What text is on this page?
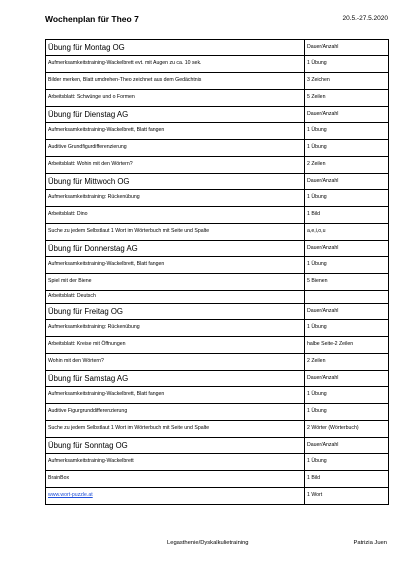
Wochenplan für Theo 7	20.5.-27.5.2020
Übung für Montag OG	Dauer/Anzahl
Aufmerksamkeitstraining-Wackelbrett evt. mit Augen zu ca. 10 sek.	1 Übung
Bilder merken, Blatt umdrehen-Theo zeichnet aus dem Gedächtnis	3 Zeichen
Arbeitsblatt: Schwünge und o Formen	5 Zeilen
Übung für Dienstag AG	Dauer/Anzahl
Aufmerksamkeitstraining-Wackelbrett, Blatt fangen	1 Übung
Auditive Grundfigurdifferenzierung	1 Übung
Arbeitsblatt: Wohin mit den Wörtern?	2 Zeilen
Übung für Mittwoch OG	Dauer/Anzahl
Aufmerksamkeitstraining: Rückenübung	1 Übung
Arbeitsblatt: Dino	1 Bild
Suche zu jedem Selbstlaut 1 Wort im Wörterbuch mit Seite und Spalte	a,e,i,o,u
Übung für Donnerstag AG	Dauer/Anzahl
Aufmerksamkeitstraining-Wackelbrett, Blatt fangen	1 Übung
Spiel mit der Biene	5 Bienen
Arbeitsblatt: Deutsch	
Übung für Freitag OG	Dauer/Anzahl
Aufmerksamkeitstraining: Rückenübung	1 Übung
Arbeitsblatt: Kreise mit Öffnungen	halbe Seite-2 Zeilen
Wohin mit den Wörtern?	2 Zeilen
Übung für Samstag AG	Dauer/Anzahl
Aufmerksamkeitstraining-Wackelbrett, Blatt fangen	1 Übung
Auditive Figurgrunddifferenzierung	1 Übung
Suche zu jedem Selbstlaut 1 Wort im Wörterbuch mit Seite und Spalte	2 Wörter (Wörterbuch)
Übung für Sonntag OG	Dauer/Anzahl
Aufmerksamkeitstraining-Wackelbrett	1 Übung
BrainBox	1 Bild
www.wort-puzzle.at	1 Wort
Legasthenie/Dyskalkulietraining	Patrizia Juen
